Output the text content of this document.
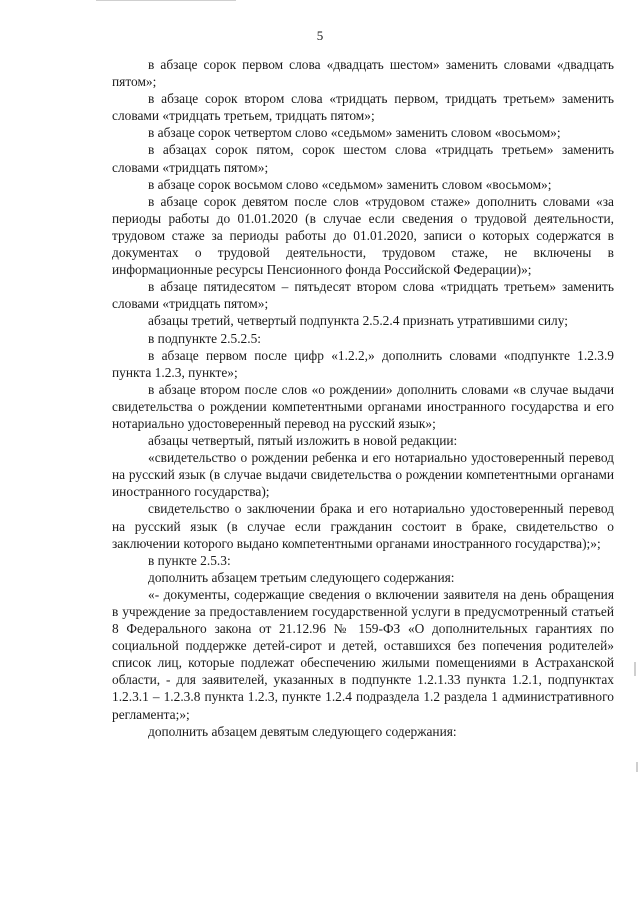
5

в абзаце сорок первом слова «двадцать шестом» заменить словами «двадцать пятом»;

в абзаце сорок втором слова «тридцать первом, тридцать третьем» заменить словами «тридцать третьем, тридцать пятом»;

в абзаце сорок четвертом слово «седьмом» заменить словом «восьмом»;

в абзацах сорок пятом, сорок шестом слова «тридцать третьем» заменить словами «тридцать пятом»;

в абзаце сорок восьмом слово «седьмом» заменить словом «восьмом»;

в абзаце сорок девятом после слов «трудовом стаже» дополнить словами «за периоды работы до 01.01.2020 (в случае если сведения о трудовой деятельности, трудовом стаже за периоды работы до 01.01.2020, записи о которых содержатся в документах о трудовой деятельности, трудовом стаже, не включены в информационные ресурсы Пенсионного фонда Российской Федерации)»;

в абзаце пятидесятом – пятьдесят втором слова «тридцать третьем» заменить словами «тридцать пятом»;

абзацы третий, четвертый подпункта 2.5.2.4 признать утратившими силу;

в подпункте 2.5.2.5:

в абзаце первом после цифр «1.2.2,» дополнить словами «подпункте 1.2.3.9 пункта 1.2.3, пункте»;

в абзаце втором после слов «о рождении» дополнить словами «в случае выдачи свидетельства о рождении компетентными органами иностранного государства и его нотариально удостоверенный перевод на русский язык»;

абзацы четвертый, пятый изложить в новой редакции:

«свидетельство о рождении ребенка и его нотариально удостоверенный перевод на русский язык (в случае выдачи свидетельства о рождении компетентными органами иностранного государства);

свидетельство о заключении брака и его нотариально удостоверенный перевод на русский язык (в случае если гражданин состоит в браке, свидетельство о заключении которого выдано компетентными органами иностранного государства);»;

в пункте 2.5.3:

дополнить абзацем третьим следующего содержания:

«- документы, содержащие сведения о включении заявителя на день обращения в учреждение за предоставлением государственной услуги в предусмотренный статьей 8 Федерального закона от 21.12.96 № 159-ФЗ «О дополнительных гарантиях по социальной поддержке детей-сирот и детей, оставшихся без попечения родителей» список лиц, которые подлежат обеспечению жилыми помещениями в Астраханской области, - для заявителей, указанных в подпункте 1.2.1.33 пункта 1.2.1, подпунктах 1.2.3.1 – 1.2.3.8 пункта 1.2.3, пункте 1.2.4 подраздела 1.2 раздела 1 административного регламента;»;

дополнить абзацем девятым следующего содержания:
